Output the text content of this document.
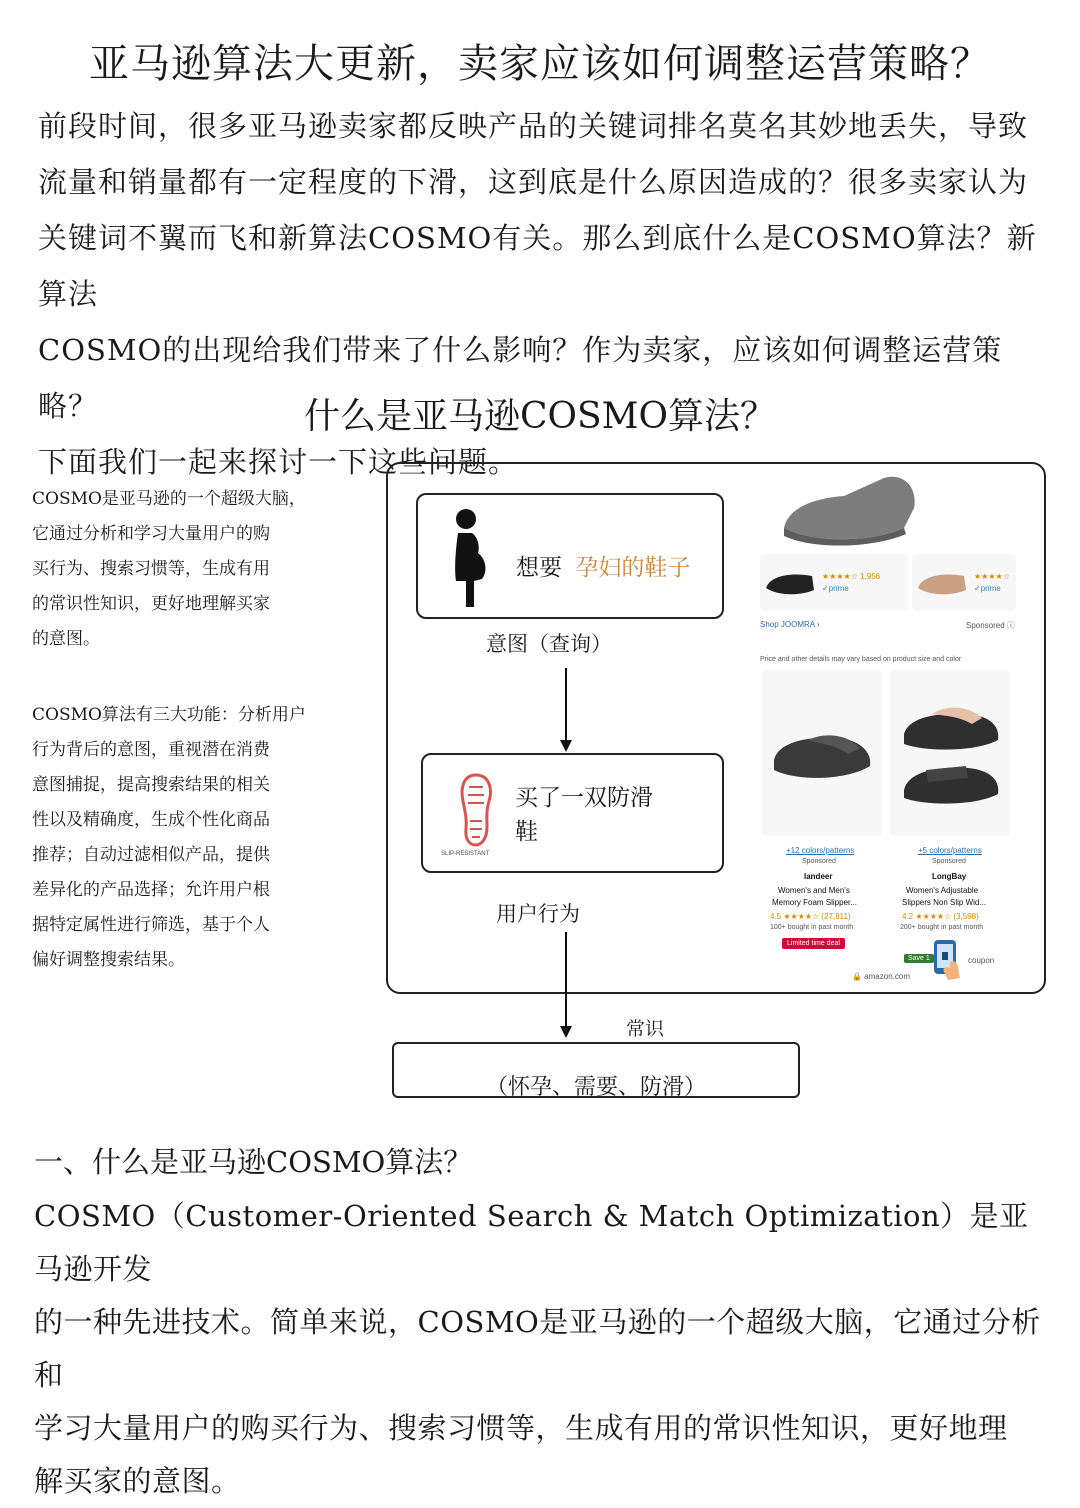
亚马逊算法大更新，卖家应该如何调整运营策略？

前段时间，很多亚马逊卖家都反映产品的关键词排名莫名其妙地丢失，导致

流量和销量都有一定程度的下滑，这到底是什么原因造成的？很多卖家认为

关键词不翼而飞和新算法COSMO有关。那么到底什么是COSMO算法？新算法

COSMO的出现给我们带来了什么影响？作为卖家，应该如何调整运营策略？

下面我们一起来探讨一下这些问题。

什么是亚马逊COSMO算法？

COSMO是亚马逊的一个超级大脑，

它通过分析和学习大量用户的购

买行为、搜索习惯等，生成有用

的常识性知识，更好地理解买家

的意图。

COSMO算法有三大功能：分析用户

行为背后的意图，重视潜在消费

意图捕捉，提高搜索结果的相关

性以及精确度，生成个性化商品

推荐；自动过滤相似产品，提供

差异化的产品选择；允许用户根

据特定属性进行筛选，基于个人

偏好调整搜索结果。

想要 孕妇的鞋子
意图（查询）
SLIP-RESISTANT
买了一双防滑
鞋
用户行为
常识
（怀孕、需要、防滑）
★★★★☆ 1,956
✓prime
★★★★☆
✓prime
Shop JOOMRA ›	Sponsored ⓘ
Price and other details may vary based on product size and color
+12 colors/patterns
Sponsored
landeer
Women's and Men's
Memory Foam Slipper...
4.5 ★★★★☆ (27,811)
100+ bought in past month
Limited time deal
+5 colors/patterns
Sponsored
LongBay
Women's Adjustable
Slippers Non Slip Wid...
4.2 ★★★★☆ (3,598)
200+ bought in past month
Save 1	coupon
🔒 amazon.com
一、什么是亚马逊COSMO算法？

COSMO（Customer-Oriented Search & Match Optimization）是亚马逊开发

的一种先进技术。简单来说，COSMO是亚马逊的一个超级大脑，它通过分析和

学习大量用户的购买行为、搜索习惯等，生成有用的常识性知识，更好地理

解买家的意图。
